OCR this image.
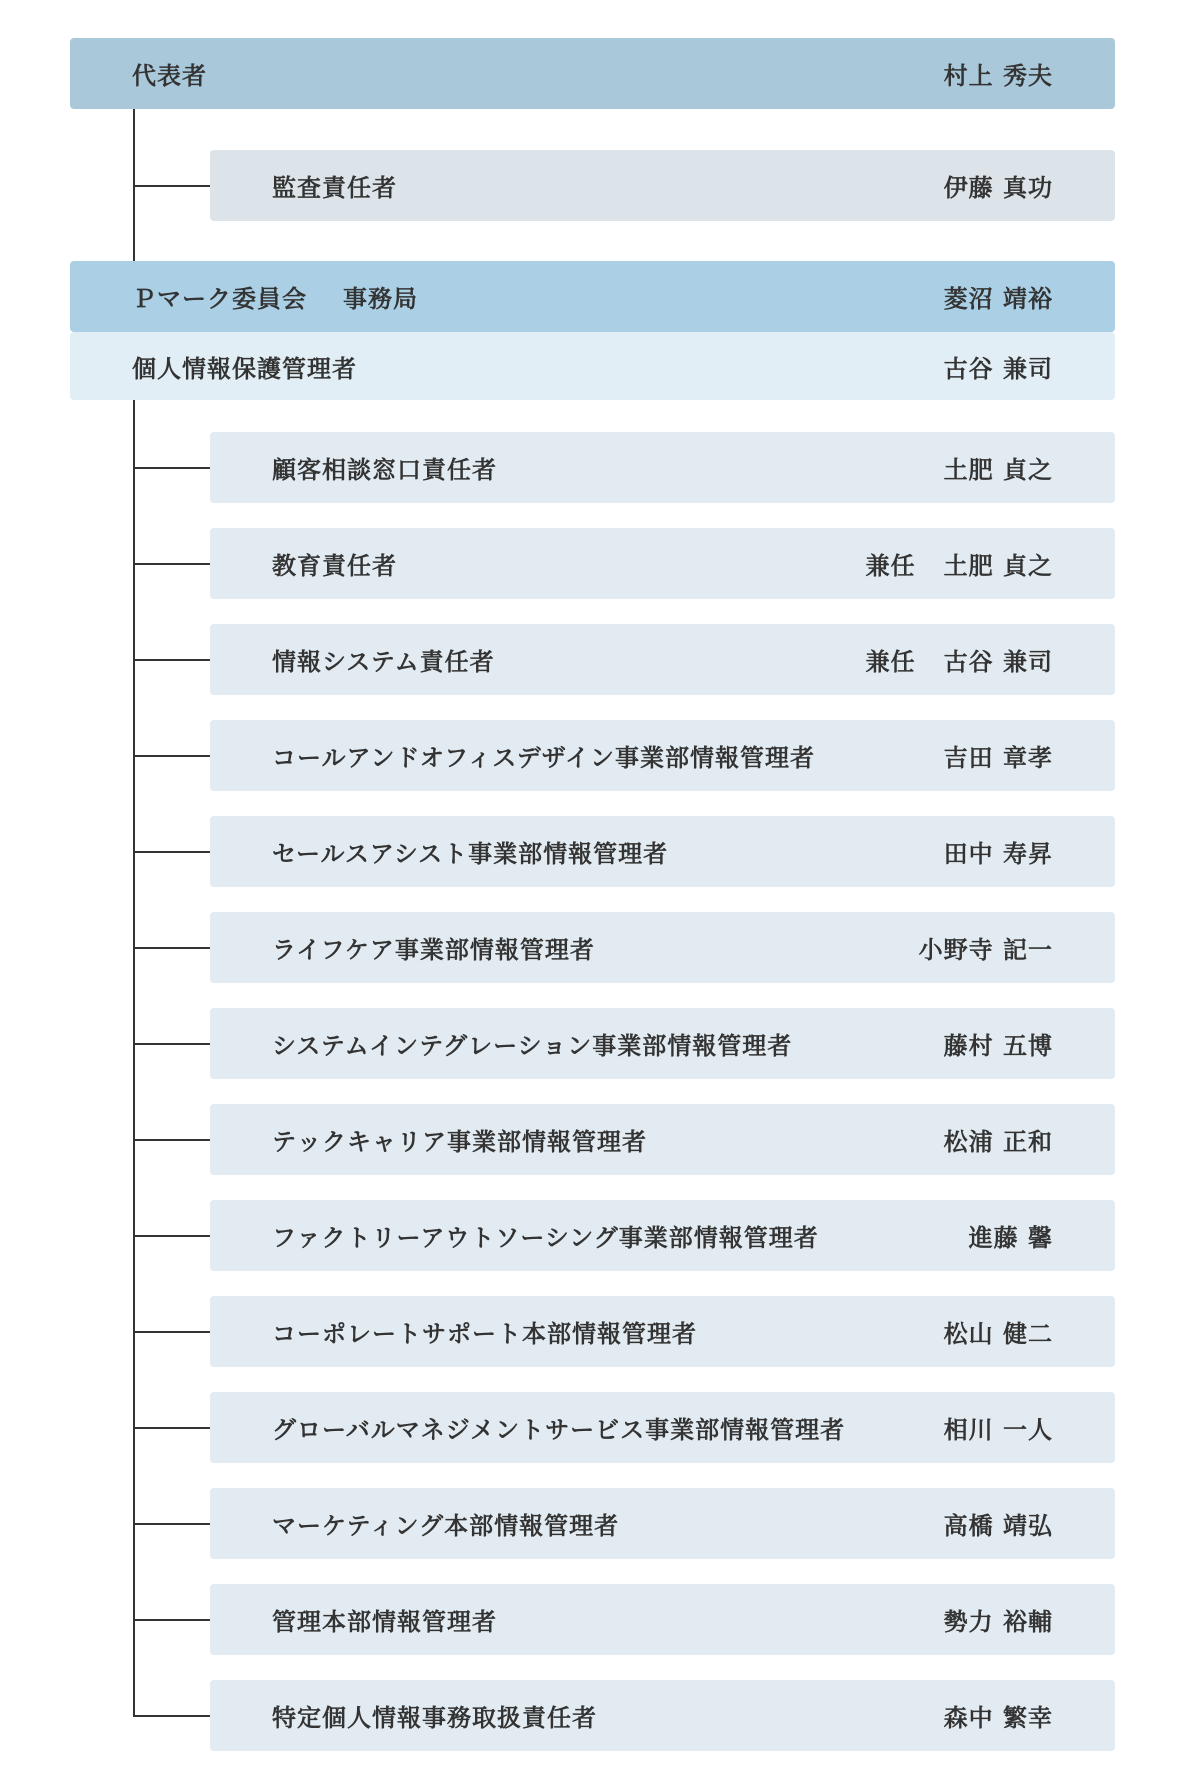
代表者	村上 秀夫
監査責任者	伊藤 真功
Ｐマーク委員会 事務局	菱沼 靖裕
個人情報保護管理者	古谷 兼司
顧客相談窓口責任者	土肥 貞之
教育責任者	兼任 土肥 貞之
情報システム責任者	兼任 古谷 兼司
コールアンドオフィスデザイン事業部情報管理者	吉田 章孝
セールスアシスト事業部情報管理者	田中 寿昇
ライフケア事業部情報管理者	小野寺 記一
システムインテグレーション事業部情報管理者	藤村 五博
テックキャリア事業部情報管理者	松浦 正和
ファクトリーアウトソーシング事業部情報管理者	進藤 馨
コーポレートサポート本部情報管理者	松山 健二
グローバルマネジメントサービス事業部情報管理者	相川 一人
マーケティング本部情報管理者	高橋 靖弘
管理本部情報管理者	勢力 裕輔
特定個人情報事務取扱責任者	森中 繁幸
